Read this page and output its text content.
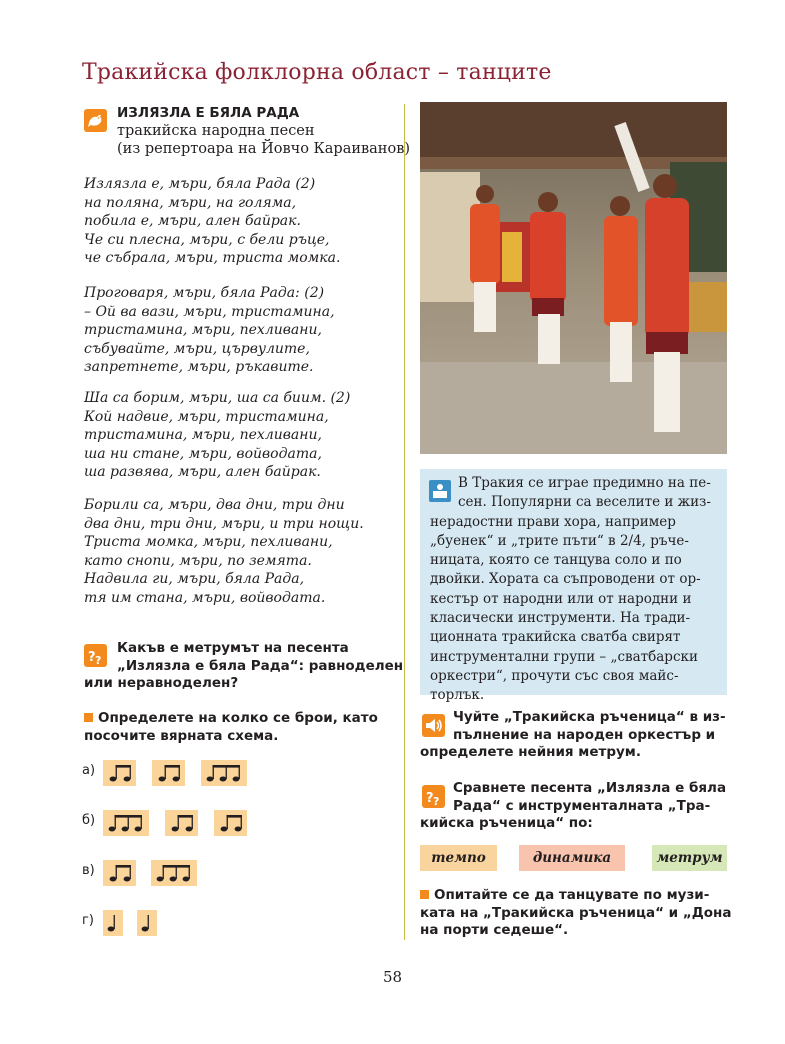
Тракийска фолклорна област – танците
ИЗЛЯЗЛА Е БЯЛА РАДА
тракийска народна песен
(из репертоара на Йовчо Караиванов)
Излязла е, мъри, бяла Рада (2)
на поляна, мъри, на голяма,
побила е, мъри, ален байрак.
Че си плесна, мъри, с бели ръце,
че събрала, мъри, триста момка.
Проговаря, мъри, бяла Рада: (2)
– Ой ва вази, мъри, тристамина,
тристамина, мъри, пехливани,
събувайте, мъри, цървулите,
запретнете, мъри, ръкавите.
Ша са борим, мъри, ша са биим. (2)
Кой надвие, мъри, тристамина,
тристамина, мъри, пехливани,
ша ни стане, мъри, войводата,
ша развява, мъри, ален байрак.
Борили са, мъри, два дни, три дни
два дни, три дни, мъри, и три нощи.
Триста момка, мъри, пехливани,
като снопи, мъри, по земята.
Надвила ги, мъри, бяла Рада,
тя им стана, мъри, войводата.
? ?
Какъв е метрумът на песента
„Излязла е бяла Рада“: равноделен
или неравноделен?
Определете на колко се брои, като
посочите вярната схема.
а)
б)
в)
г)
В Тракия се играе предимно на пе-
сен. Популярни са веселите и жиз-
нерадостни прави хора, например
„буенек“ и „трите пъти“ в 2/4, ръче-
ницата, която се танцува соло и по
двойки. Хората са съпроводени от ор-
кестър от народни или от народни и
класически инструменти. На тради-
ционната тракийска сватба свирят
инструментални групи – „сватбарски
оркестри“, прочути със своя майс-
торлък.
Чуйте „Тракийска ръченица“ в из-
пълнение на народен оркестър и
определете нейния метрум.
? ?
Сравнете песента „Излязла е бяла
Рада“ с инструменталната „Тра-
кийска ръченица“ по:
темпо	динамика	метрум
Опитайте се да танцувате по музи-
ката на „Тракийска ръченица“ и „Дона
на порти седеше“.
58
